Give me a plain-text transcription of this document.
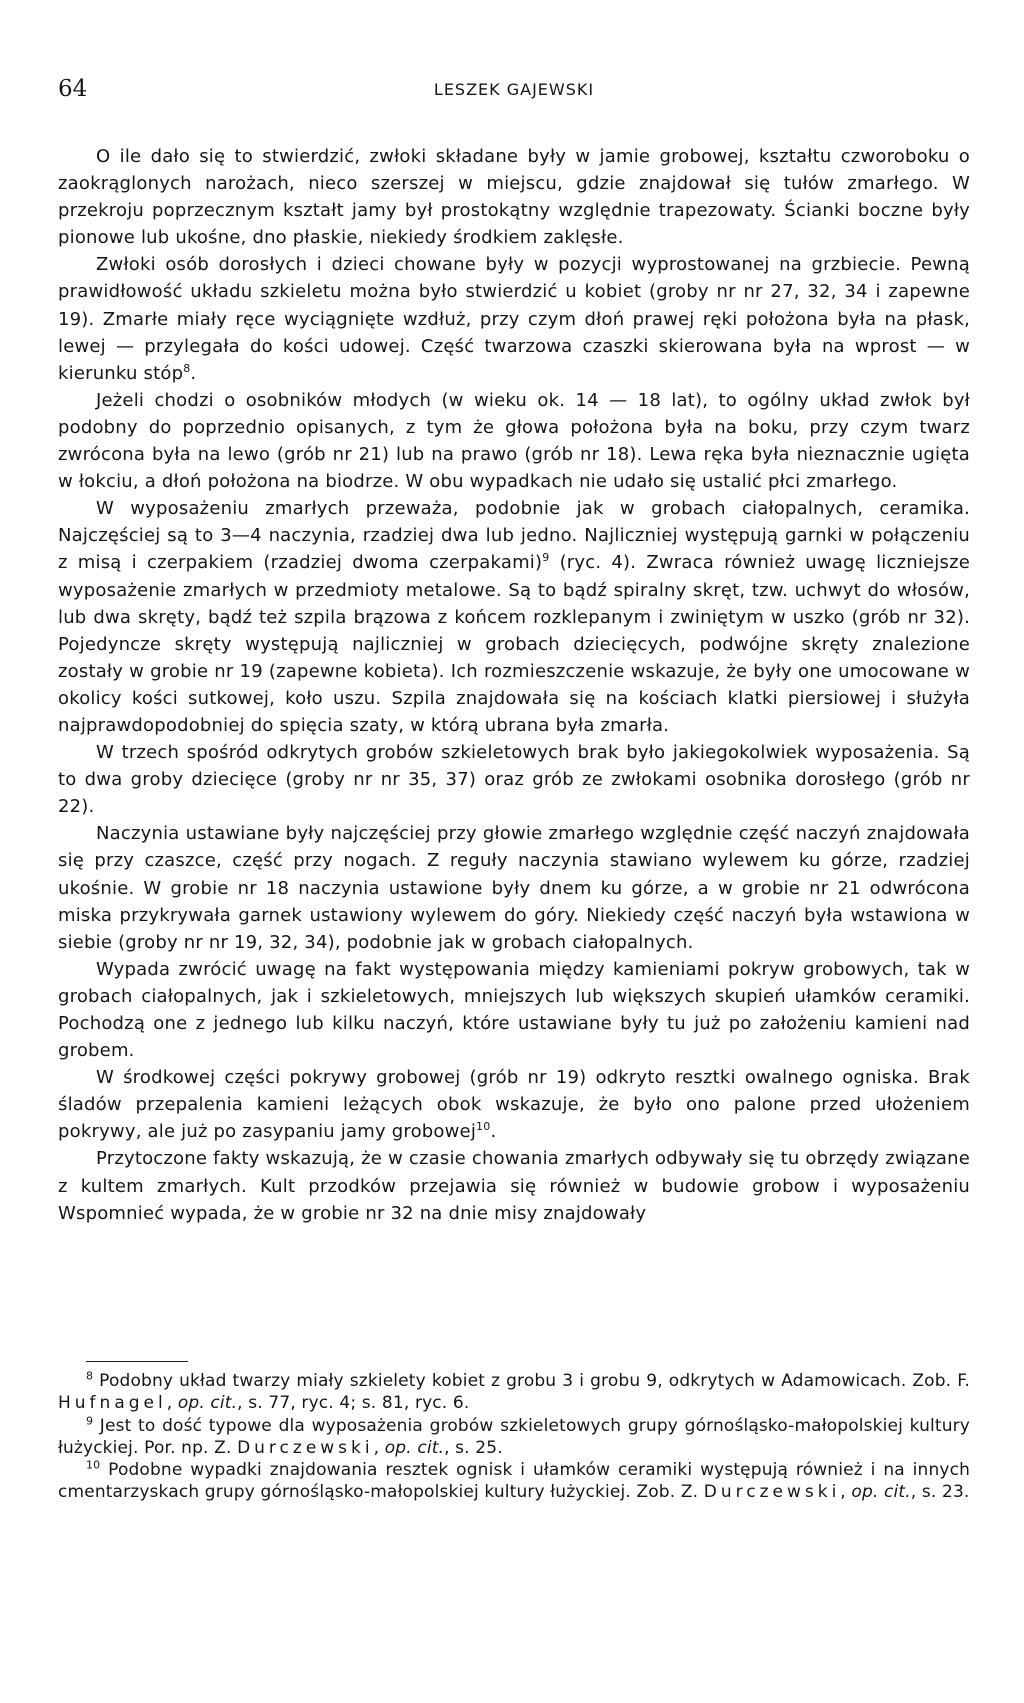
64	LESZEK GAJEWSKI

O ile dało się to stwierdzić, zwłoki składane były w jamie grobowej, kształtu czworoboku o zaokrąglonych narożach, nieco szerszej w miejscu, gdzie znajdował się tułów zmarłego. W przekroju poprzecznym kształt jamy był prostokątny względnie trapezowaty. Ścianki boczne były pionowe lub ukośne, dno płaskie, niekiedy środkiem zaklęsłe.

Zwłoki osób dorosłych i dzieci chowane były w pozycji wyprostowanej na grzbiecie. Pewną prawidłowość układu szkieletu można było stwierdzić u kobiet (groby nr nr 27, 32, 34 i zapewne 19). Zmarłe miały ręce wyciągnięte wzdłuż, przy czym dłoń prawej ręki położona była na płask, lewej — przylegała do kości udowej. Część twarzowa czaszki skierowana była na wprost — w kierunku stóp$^8$.

Jeżeli chodzi o osobników młodych (w wieku ok. 14 — 18 lat), to ogólny układ zwłok był podobny do poprzednio opisanych, z tym że głowa położona była na boku, przy czym twarz zwrócona była na lewo (grób nr 21) lub na prawo (grób nr 18). Lewa ręka była nieznacznie ugięta w łokciu, a dłoń położona na biodrze. W obu wypadkach nie udało się ustalić płci zmarłego.

W wyposażeniu zmarłych przeważa, podobnie jak w grobach ciałopalnych, ceramika. Najczęściej są to 3—4 naczynia, rzadziej dwa lub jedno. Najliczniej występują garnki w połączeniu z misą i czerpakiem (rzadziej dwoma czerpakami)$^9$ (ryc. 4). Zwraca również uwagę liczniejsze wyposażenie zmarłych w przedmioty metalowe. Są to bądź spiralny skręt, tzw. uchwyt do włosów, lub dwa skręty, bądź też szpila brązowa z końcem rozklepanym i zwiniętym w uszko (grób nr 32). Pojedyncze skręty występują najliczniej w grobach dziecięcych, podwójne skręty znalezione zostały w grobie nr 19 (zapewne kobieta). Ich rozmieszczenie wskazuje, że były one umocowane w okolicy kości sutkowej, koło uszu. Szpila znajdowała się na kościach klatki piersiowej i służyła najprawdopodobniej do spięcia szaty, w którą ubrana była zmarła.

W trzech spośród odkrytych grobów szkieletowych brak było jakiegokolwiek wyposażenia. Są to dwa groby dziecięce (groby nr nr 35, 37) oraz grób ze zwłokami osobnika dorosłego (grób nr 22).

Naczynia ustawiane były najczęściej przy głowie zmarłego względnie część naczyń znajdowała się przy czaszce, część przy nogach. Z reguły naczynia stawiano wylewem ku górze, rzadziej ukośnie. W grobie nr 18 naczynia ustawione były dnem ku górze, a w grobie nr 21 odwrócona miska przykrywała garnek ustawiony wylewem do góry. Niekiedy część naczyń była wstawiona w siebie (groby nr nr 19, 32, 34), podobnie jak w grobach ciałopalnych.

Wypada zwrócić uwagę na fakt występowania między kamieniami pokryw grobowych, tak w grobach ciałopalnych, jak i szkieletowych, mniejszych lub większych skupień ułamków ceramiki. Pochodzą one z jednego lub kilku naczyń, które ustawiane były tu już po założeniu kamieni nad grobem.

W środkowej części pokrywy grobowej (grób nr 19) odkryto resztki owalnego ogniska. Brak śladów przepalenia kamieni leżących obok wskazuje, że było ono palone przed ułożeniem pokrywy, ale już po zasypaniu jamy grobowej$^{10}$.

Przytoczone fakty wskazują, że w czasie chowania zmarłych odbywały się tu obrzędy związane z kultem zmarłych. Kult przodków przejawia się również w budowie grobow i wyposażeniu Wspomnieć wypada, że w grobie nr 32 na dnie misy znajdowały

$^8$ Podobny układ twarzy miały szkielety kobiet z grobu 3 i grobu 9, odkrytych w Adamowicach. Zob. F. Hufnagel, op. cit., s. 77, ryc. 4; s. 81, ryc. 6.

$^9$ Jest to dość typowe dla wyposażenia grobów szkieletowych grupy górnośląsko-małopolskiej kultury łużyckiej. Por. np. Z. Durczewski, op. cit., s. 25.

$^{10}$ Podobne wypadki znajdowania resztek ognisk i ułamków ceramiki występują również i na innych cmentarzyskach grupy górnośląsko-małopolskiej kultury łużyckiej. Zob. Z. Durczewski, op. cit., s. 23.
